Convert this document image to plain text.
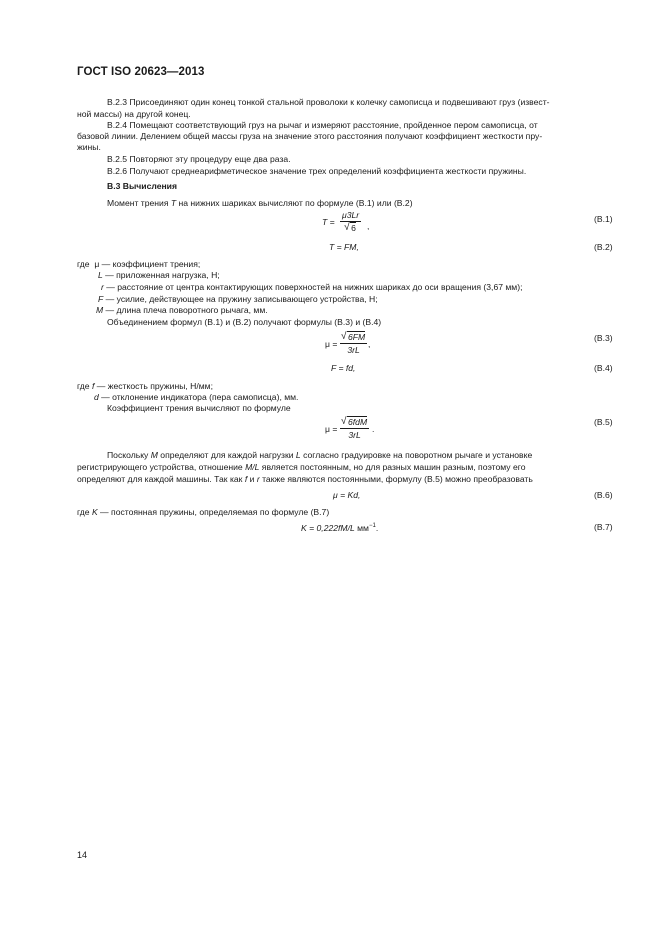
ГОСТ ISO 20623—2013
В.2.3 Присоединяют один конец тонкой стальной проволоки к колечку самописца и подвешивают груз (извест-
ной массы) на другой конец.
В.2.4 Помещают соответствующий груз на рычаг и измеряют расстояние, пройденное пером самописца, от
базовой линии. Делением общей массы груза на значение этого расстояния получают коэффициент жесткости пру-
жины.
В.2.5 Повторяют эту процедуру еще два раза.
В.2.6 Получают среднеарифметическое значение трех определений коэффициента жесткости пружины.
В.3 Вычисления
Момент трения T на нижних шариках вычисляют по формуле (В.1) или (В.2)
$T = \frac{\mu 3Lr}{√ 6}$ ,
(В.1)
T = FM,	(В.2)
где μ — коэффициент трения;
L — приложенная нагрузка, Н;
r — расстояние от центра контактирующих поверхностей на нижних шариках до оси вращения (3,67 мм);
F — усилие, действующее на пружину записывающего устройства, Н;
M — длина плеча поворотного рычага, мм.
Объединением формул (В.1) и (В.2) получают формулы (В.3) и (В.4)
$\mu = \frac{√ 6FM}{3rL}$ ,
(В.3)
F = fd,	(В.4)
где f — жесткость пружины, Н/мм;
d — отклонение индикатора (пера самописца), мм.
Коэффициент трения вычисляют по формуле
μ =
√ 6fdM
3rL
.
(В.5)
Поскольку M определяют для каждой нагрузки L согласно градуировке на поворотном рычаге и установке
регистрирующего устройства, отношение M/L является постоянным, но для разных машин разным, поэтому его
определяют для каждой машины. Так как f и r также являются постоянными, формулу (В.5) можно преобразовать
μ = Kd,	(В.6)
где K — постоянная пружины, определяемая по формуле (В.7)
K = 0,222fM/L $мм^{-1}$.	(В.7)
14
